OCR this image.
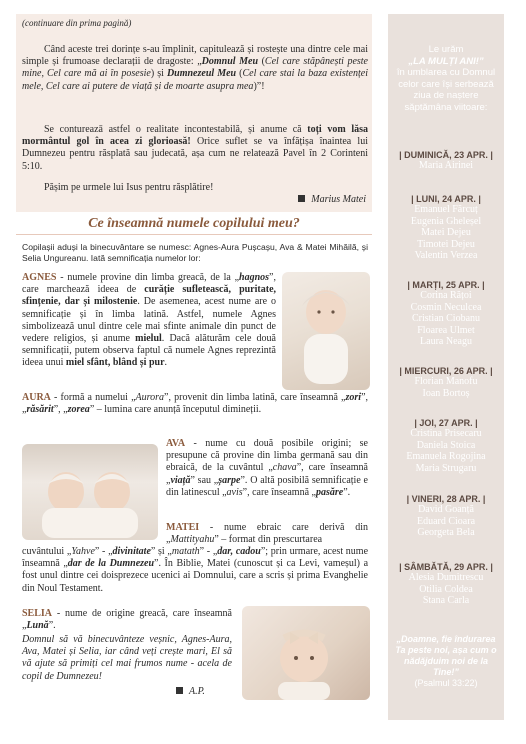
(continuare din prima pagină)
Când aceste trei dorințe s-au împlinit, capitulează și rostește una dintre cele mai simple și frumoase declarații de dragoste: „Domnul Meu (Cel care stăpânești peste mine, Cel care mă ai în posesie) și Dumnezeul Meu (Cel care stai la baza existenței mele, Cel care ai putere de viață și de moarte asupra mea)”!
Se contureazā astfel o realitate incontestabilă, și anume că toți vom lăsa mormântul gol în acea zi glorioasă! Orice suflet se va înfățișa înaintea lui Dumnezeu pentru răsplată sau judecată, așa cum ne relatează Pavel în 2 Corinteni 5:10.
Pășim pe urmele lui Isus pentru răsplătire!
Marius Matei
Ce înseamnă numele copilului meu?
Copilașii aduși la binecuvântare se numesc: Agnes-Aura Pușcașu, Ava & Matei Mihăilă, și Selia Ungureanu. Iată semnificația numelor lor:
AGNES - numele provine din limba greacă, de la „hagnos”, care marchează ideea de curăție sufletească, puritate, sfințenie, dar și milostenie. De asemenea, acest nume are o semnificație și în limba latină. Astfel, numele Agnes simbolizează unul dintre cele mai sfinte animale din punct de vedere religios, și anume mielul. Dacă alăturăm cele două semnificații, putem observa faptul că numele Agnes reprezintă ideea unui miel sfânt, blând și pur.
AURA - formă a numelui „Aurora”, provenit din limba latină, care înseamnă „zori”, „răsărit”, „zorea” – lumina care anunță începutul dimineții.
AVA - nume cu două posibile origini; se presupune că provine din limba germană sau din ebraică, de la cuvântul „chava”, care înseamnă „viață” sau „șarpe”. O altă posibilă semnificație e din latinescul „avis”, care înseamnă „pasăre”.
MATEI - nume ebraic care derivă din „Mattityahu” – format din prescurtarea
cuvântului „Yahve” - „divinitate” și „matath” - „dar, cadou”; prin urmare, acest nume înseamnă „dar de la Dumnezeu”. În Biblie, Matei (cunoscut și ca Levi, vameșul) a fost unul dintre cei doisprezece ucenici ai Domnului, care a scris și prima Evanghelie din Noul Testament.
SELIA - nume de origine greacă, care înseamnă „Lună”.
Domnul să vă binecuvânteze veșnic, Agnes-Aura, Ava, Matei și Selia, iar când veți crește mari, El să vă ajute să primiți cel mai frumos nume - acela de copil de Dumnezeu!
A.P.
Le urăm
„LA MULȚI ANI!”
în umblarea cu Domnul celor care își serbează ziua de naștere săptămâna viitoare:
| DUMINICĂ, 23 APR. |
Maria Airinei
| LUNI, 24 APR. |
Emanuel Fărcuț
Eugenia Gheleșel
Matei Dejeu
Timotei Dejeu
Valentin Verzea
| MARȚI, 25 APR. |
Corina Rățoi
Cosmin Neculcea
Cristian Ciobanu
Floarea Ulmet
Laura Neagu
| MIERCURI, 26 APR. |
Florian Manofu
Ioan Bortoș
| JOI, 27 APR. |
Cristina Prisecaru
Daniela Stoica
Emanuela Rogojina
Maria Strugaru
| VINERI, 28 APR. |
David Goanță
Eduard Cioara
Georgeta Bela
| SÂMBĂTĂ, 29 APR. |
Alesia Dumitrescu
Otilia Coldea
Stana Carla
„Doamne, fie îndurarea Ta peste noi, așa cum o nădăjduim noi de la Tine!”
(Psalmul 33:22)
